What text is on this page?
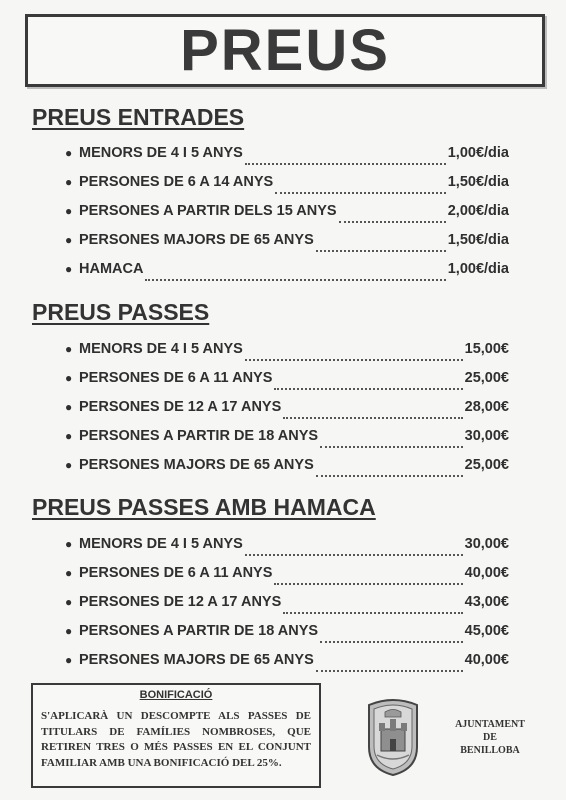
PREUS
PREUS ENTRADES
● MENORS DE 4 I 5 ANYS	1,00€/dia
● PERSONES DE 6 A 14 ANYS	1,50€/dia
● PERSONES A PARTIR DELS 15 ANYS	2,00€/dia
● PERSONES MAJORS DE 65 ANYS	1,50€/dia
● HAMACA	1,00€/dia
PREUS PASSES
● MENORS DE 4 I 5 ANYS	15,00€
● PERSONES DE 6 A 11 ANYS	25,00€
● PERSONES DE 12 A 17 ANYS	28,00€
● PERSONES A PARTIR DE 18 ANYS	30,00€
● PERSONES MAJORS DE 65 ANYS	25,00€
PREUS PASSES AMB HAMACA
● MENORS DE 4 I 5 ANYS	30,00€
● PERSONES DE 6 A 11 ANYS	40,00€
● PERSONES DE 12 A 17 ANYS	43,00€
● PERSONES A PARTIR DE 18 ANYS	45,00€
● PERSONES MAJORS DE 65 ANYS	40,00€
BONIFICACIÓ
S'APLICARÀ UN DESCOMPTE ALS PASSES DE TITULARS DE FAMÍLIES NOMBROSES, QUE RETIREN TRES O MÉS PASSES EN EL CONJUNT FAMILIAR AMB UNA BONIFICACIÓ DEL 25%.
AJUNTAMENT
DE
BENILLOBA
